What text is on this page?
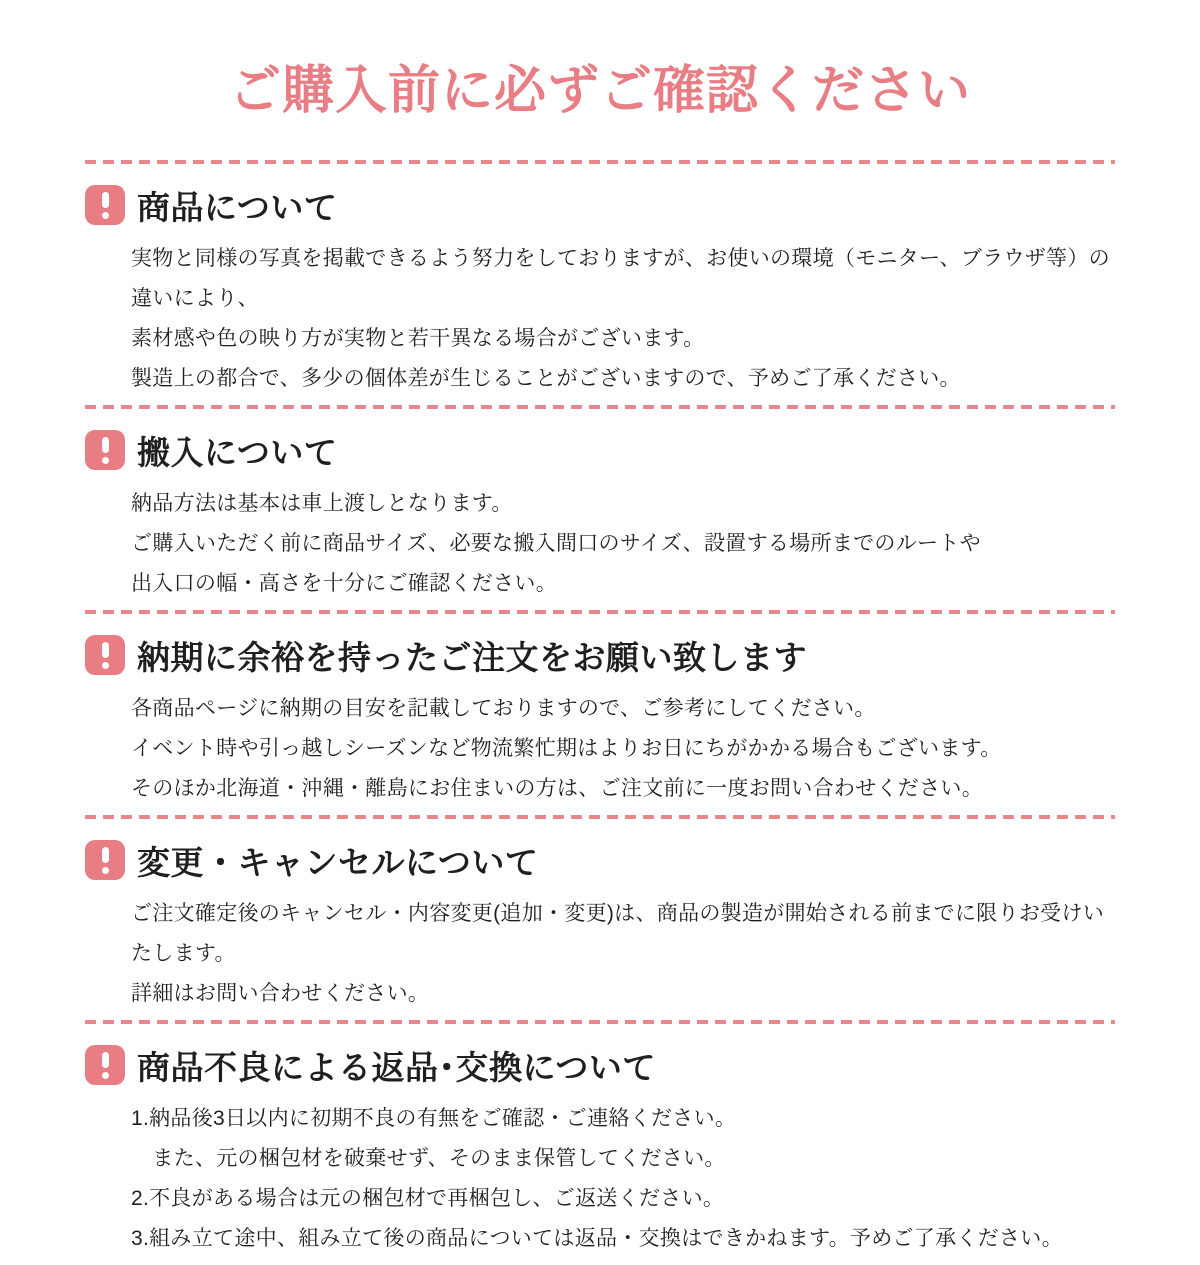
ご購入前に必ずご確認ください
商品について

実物と同様の写真を掲載できるよう努力をしておりますが、お使いの環境（モニター、ブラウザ等）の違いにより、

素材感や色の映り方が実物と若干異なる場合がございます。

製造上の都合で、多少の個体差が生じることがございますので、予めご了承ください。

搬入について

納品方法は基本は車上渡しとなります。

ご購入いただく前に商品サイズ、必要な搬入間口のサイズ、設置する場所までのルートや

出入口の幅・高さを十分にご確認ください。

納期に余裕を持ったご注文をお願い致します

各商品ページに納期の目安を記載しておりますので、ご参考にしてください。

イベント時や引っ越しシーズンなど物流繁忙期はよりお日にちがかかる場合もございます。

そのほか北海道・沖縄・離島にお住まいの方は、ご注文前に一度お問い合わせください。

変更・キャンセルについて

ご注文確定後のキャンセル・内容変更(追加・変更)は、商品の製造が開始される前までに限りお受けいたします。

詳細はお問い合わせください。

商品不良による返品･交換について

1.納品後3日以内に初期不良の有無をご確認・ご連絡ください。

　また、元の梱包材を破棄せず、そのまま保管してください。

2.不良がある場合は元の梱包材で再梱包し、ご返送ください。

3.組み立て途中、組み立て後の商品については返品・交換はできかねます。予めご了承ください。
